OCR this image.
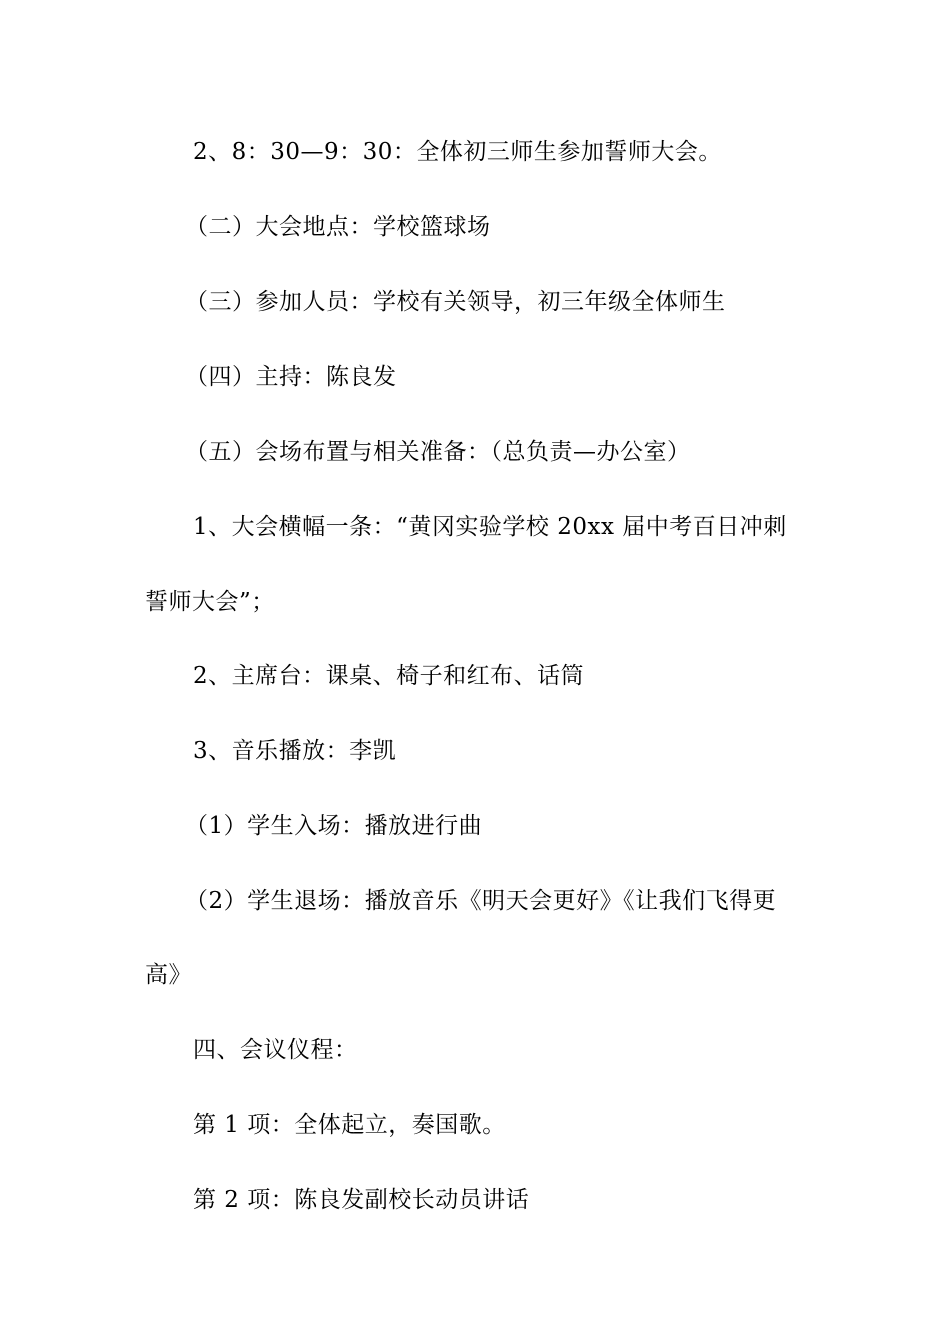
2、8：30—9：30：全体初三师生参加誓师大会。
（二）大会地点：学校篮球场
（三）参加人员：学校有关领导，初三年级全体师生
（四）主持：陈良发
（五）会场布置与相关准备：（总负责—办公室）
1、大会横幅一条：“黄冈实验学校 20xx 届中考百日冲刺
誓师大会”；
2、主席台：课桌、椅子和红布、话筒
3、音乐播放：李凯
（1）学生入场：播放进行曲
（2）学生退场：播放音乐《明天会更好》《让我们飞得更
高》
四、会议仪程：
第 1 项：全体起立，奏国歌。
第 2 项：陈良发副校长动员讲话
